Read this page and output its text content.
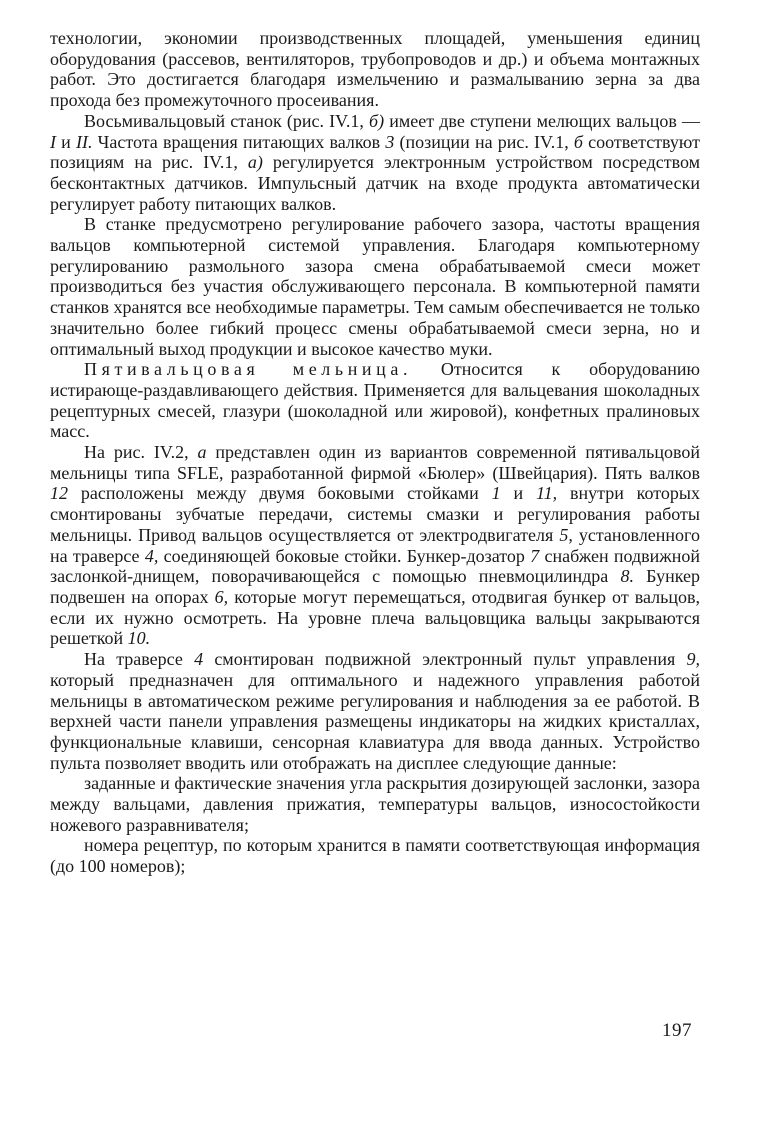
технологии, экономии производственных площадей, уменьшения единиц оборудования (рассевов, вентиляторов, трубопроводов и др.) и объема монтажных работ. Это достигается благодаря измельчению и размалыванию зерна за два прохода без промежуточного просеивания.

Восьмивальцовый станок (рис. IV.1, б) имеет две ступени мелющих вальцов — I и II. Частота вращения питающих валков 3 (позиции на рис. IV.1, б соответствуют позициям на рис. IV.1, а) регулируется электронным устройством посредством бесконтактных датчиков. Импульсный датчик на входе продукта автоматически регулирует работу питающих валков.

В станке предусмотрено регулирование рабочего зазора, частоты вращения вальцов компьютерной системой управления. Благодаря компьютерному регулированию размольного зазора смена обрабатываемой смеси может производиться без участия обслуживающего персонала. В компьютерной памяти станков хранятся все необходимые параметры. Тем самым обеспечивается не только значительно более гибкий процесс смены обрабатываемой смеси зерна, но и оптимальный выход продукции и высокое качество муки.

Пятивальцовая мельница. Относится к оборудованию истирающе-раздавливающего действия. Применяется для вальцевания шоколадных рецептурных смесей, глазури (шоколадной или жировой), конфетных пралиновых масс.

На рис. IV.2, а представлен один из вариантов современной пятивальцовой мельницы типа SFLE, разработанной фирмой «Бюлер» (Швейцария). Пять валков 12 расположены между двумя боковыми стойками 1 и 11, внутри которых смонтированы зубчатые передачи, системы смазки и регулирования работы мельницы. Привод вальцов осуществляется от электродвигателя 5, установленного на траверсе 4, соединяющей боковые стойки. Бункер-дозатор 7 снабжен подвижной заслонкой-днищем, поворачивающейся с помощью пневмоцилиндра 8. Бункер подвешен на опорах 6, которые могут перемещаться, отодвигая бункер от вальцов, если их нужно осмотреть. На уровне плеча вальцовщика вальцы закрываются решеткой 10.

На траверсе 4 смонтирован подвижной электронный пульт управления 9, который предназначен для оптимального и надежного управления работой мельницы в автоматическом режиме регулирования и наблюдения за ее работой. В верхней части панели управления размещены индикаторы на жидких кристаллах, функциональные клавиши, сенсорная клавиатура для ввода данных. Устройство пульта позволяет вводить или отображать на дисплее следующие данные:

заданные и фактические значения угла раскрытия дозирующей заслонки, зазора между вальцами, давления прижатия, температуры вальцов, износостойкости ножевого разравнивателя;

номера рецептур, по которым хранится в памяти соответствующая информация (до 100 номеров);

197
